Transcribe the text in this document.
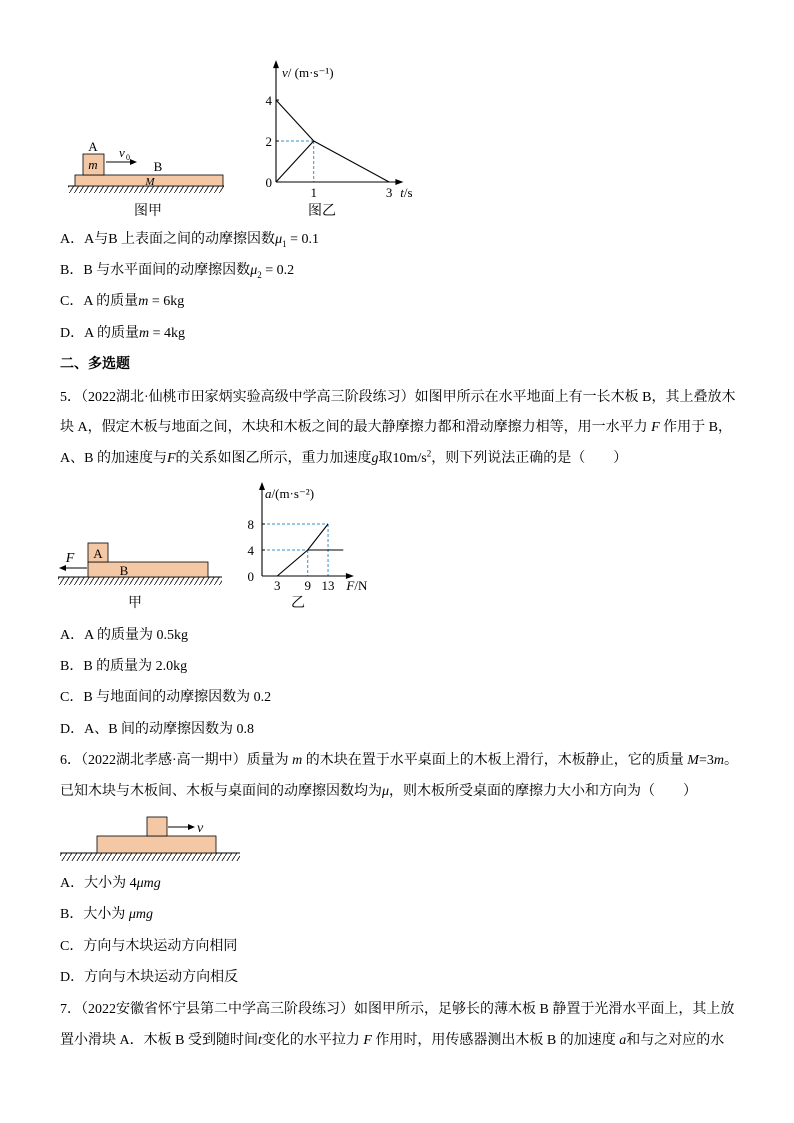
A
m
v 0
B
M
图甲
0
2
4
1	3
v/ (m·s⁻¹)
t/s
图乙
A
B
F
甲
0
4
8
3 9 13
a/(m·s⁻²)
F/N
乙
v
A．A与B 上表面之间的动摩擦因数$\mu_1 = 0.1$
B．B 与水平面间的动摩擦因数$\mu_2 = 0.2$
C．A 的质量m = 6kg
D．A 的质量m = 4kg
二、多选题
5．（2022湖北·仙桃市田家炳实验高级中学高三阶段练习）如图甲所示在水平地面上有一长木板 B，其上叠放木
块 A，假定木板与地面之间，木块和木板之间的最大静摩擦力都和滑动摩擦力相等，用一水平力 F 作用于 B，
A、B 的加速度与F的关系如图乙所示，重力加速度g取$10m/s^2$，则下列说法正确的是（　　）
A．A 的质量为 0.5kg
B．B 的质量为 2.0kg
C．B 与地面间的动摩擦因数为 0.2
D．A、B 间的动摩擦因数为 0.8
6．（2022湖北孝感·高一期中）质量为 m 的木块在置于水平桌面上的木板上滑行，木板静止，它的质量 M=3m。
已知木块与木板间、木板与桌面间的动摩擦因数均为μ，则木板所受桌面的摩擦力大小和方向为（　　）
A．大小为 4μmg
B．大小为 μmg
C．方向与木块运动方向相同
D．方向与木块运动方向相反
7．（2022安徽省怀宁县第二中学高三阶段练习）如图甲所示，足够长的薄木板 B 静置于光滑水平面上，其上放
置小滑块 A．木板 B 受到随时间t变化的水平拉力 F 作用时，用传感器测出木板 B 的加速度 a和与之对应的水
